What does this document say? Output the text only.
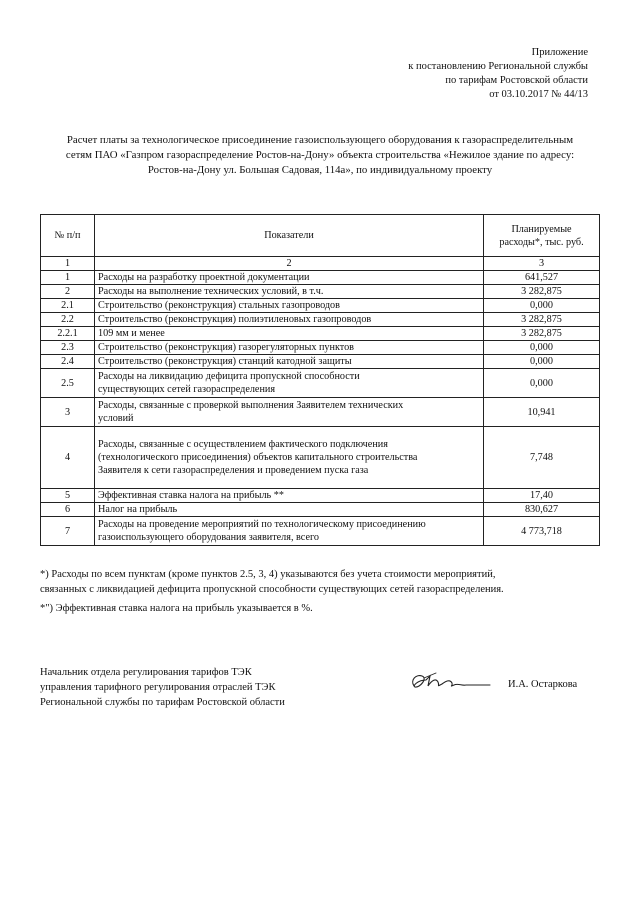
Приложение
к постановлению Региональной службы
по тарифам Ростовской области
от 03.10.2017 № 44/13
Расчет платы за технологическое присоединение газоиспользующего оборудования к газораспределительным
сетям ПАО «Газпром газораспределение Ростов-на-Дону» объекта строительства «Нежилое здание по адресу:
Ростов-на-Дону ул. Большая Садовая, 114а», по индивидуальному проекту
№ п/п	Показатели	Планируемые
расходы*, тыс. руб.

1	2	3
1	Расходы на разработку проектной документации	641,527
2	Расходы на выполнение технических условий, в т.ч.	3 282,875
2.1	Строительство (реконструкция) стальных газопроводов	0,000
2.2	Строительство (реконструкция) полиэтиленовых газопроводов	3 282,875
2.2.1	109 мм и менее	3 282,875
2.3	Строительство (реконструкция) газорегуляторных пунктов	0,000
2.4	Строительство (реконструкция) станций катодной защиты	0,000
2.5	Расходы на ликвидацию дефицита пропускной способности
существующих сетей газораспределения	0,000
3	Расходы, связанные с проверкой выполнения Заявителем технических
условий	10,941
4	Расходы, связанные с осуществлением фактического подключения
(технологического присоединения) объектов капитального строительства
Заявителя к сети газораспределения и проведением пуска газа	7,748
5	Эффективная ставка налога на прибыль **	17,40
6	Налог на прибыль	830,627
7	Расходы на проведение мероприятий по технологическому присоединению
газоиспользующего оборудования заявителя, всего	4 773,718

*) Расходы по всем пунктам (кроме пунктов 2.5, 3, 4) указываются без учета стоимости мероприятий,

связанных с ликвидацией дефицита пропускной способности существующих сетей газораспределения.

*") Эффективная ставка налога на прибыль указывается в %.

Начальник отдела регулирования тарифов ТЭК
управления тарифного регулирования отраслей ТЭК
Региональной службы по тарифам Ростовской области
И.А. Остаркова
